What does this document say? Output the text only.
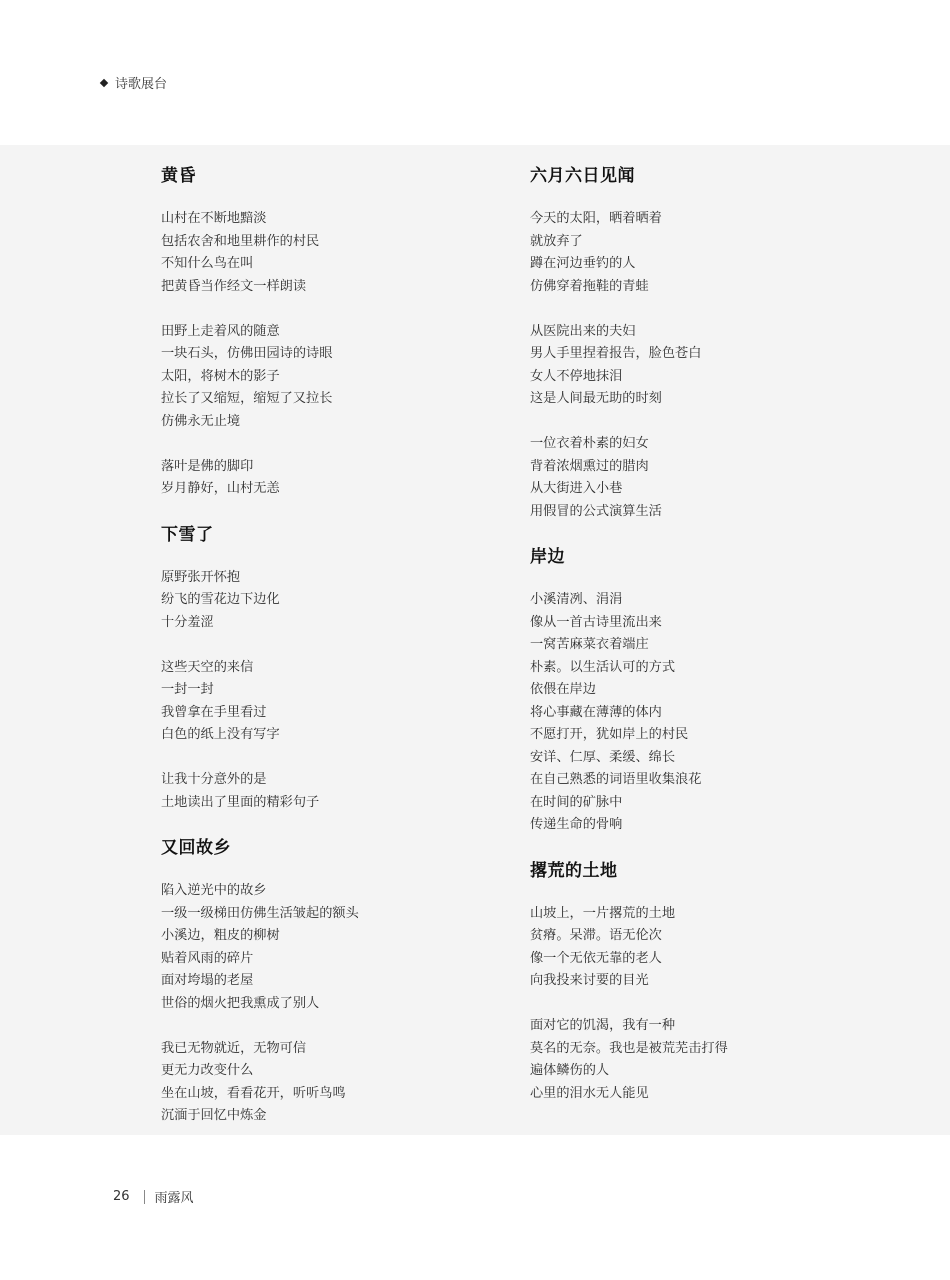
诗歌展台
黄昏
山村在不断地黯淡
包括农舍和地里耕作的村民
不知什么鸟在叫
把黄昏当作经文一样朗读
田野上走着风的随意
一块石头，仿佛田园诗的诗眼
太阳，将树木的影子
拉长了又缩短，缩短了又拉长
仿佛永无止境
落叶是佛的脚印
岁月静好，山村无恙
下雪了
原野张开怀抱
纷飞的雪花边下边化
十分羞涩
这些天空的来信
一封一封
我曾拿在手里看过
白色的纸上没有写字
让我十分意外的是
土地读出了里面的精彩句子
又回故乡
陷入逆光中的故乡
一级一级梯田仿佛生活皱起的额头
小溪边，粗皮的柳树
贴着风雨的碎片
面对垮塌的老屋
世俗的烟火把我熏成了别人
我已无物就近，无物可信
更无力改变什么
坐在山坡，看看花开，听听鸟鸣
沉湎于回忆中炼金
六月六日见闻
今天的太阳，晒着晒着
就放弃了
蹲在河边垂钓的人
仿佛穿着拖鞋的青蛙
从医院出来的夫妇
男人手里捏着报告，脸色苍白
女人不停地抹泪
这是人间最无助的时刻
一位衣着朴素的妇女
背着浓烟熏过的腊肉
从大街进入小巷
用假冒的公式演算生活
岸边
小溪清冽、涓涓
像从一首古诗里流出来
一窝苦麻菜衣着端庄
朴素。以生活认可的方式
依偎在岸边
将心事藏在薄薄的体内
不愿打开，犹如岸上的村民
安详、仁厚、柔缓、绵长
在自己熟悉的词语里收集浪花
在时间的矿脉中
传递生命的骨响
撂荒的土地
山坡上，一片撂荒的土地
贫瘠。呆滞。语无伦次
像一个无依无靠的老人
向我投来讨要的目光
面对它的饥渴，我有一种
莫名的无奈。我也是被荒芜击打得
遍体鳞伤的人
心里的泪水无人能见
26 雨露风
